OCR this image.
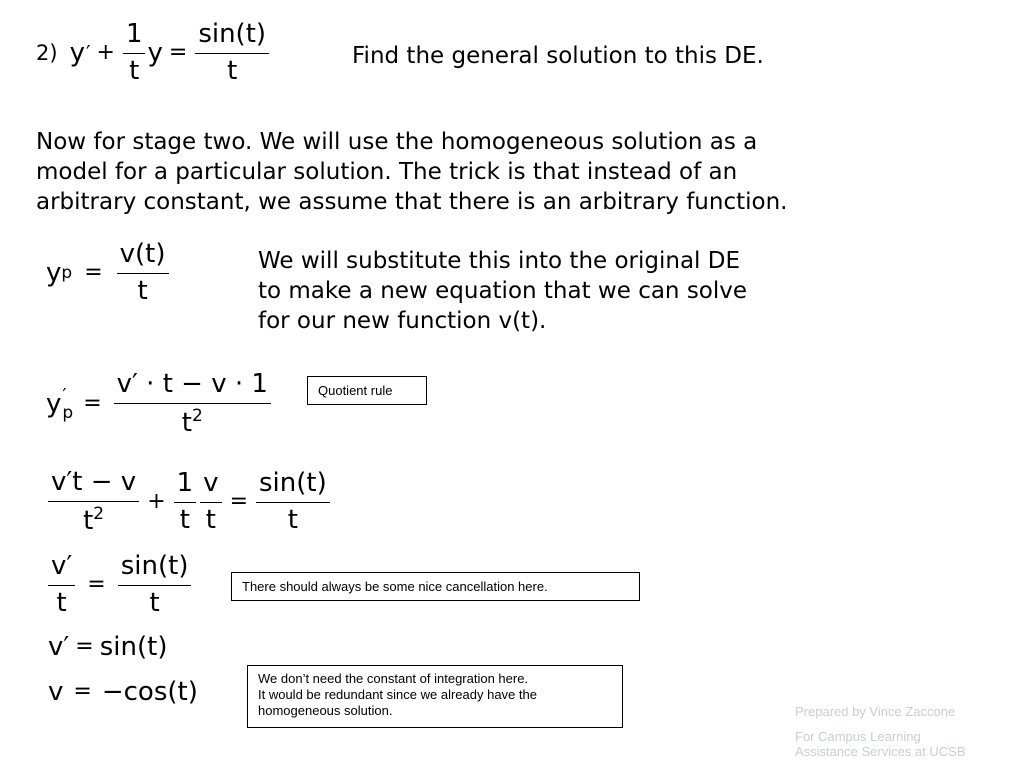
2) y ′ + $\frac{1}{t}$ $y = \frac{\sin(t)}{t}$	Find the general solution to this DE.
Now for stage two. We will use the homogeneous solution as a
model for a particular solution. The trick is that instead of an
arbitrary constant, we assume that there is an arbitrary function.
y $p = \frac{v(t)}{t}$	We will substitute this into the original DE
to make a new equation that we can solve
for our new function v(t).
y ′
$p = \frac{v' \cdot t - v \cdot 1}{t^2}$	Quotient rule
$\frac{v't - v}{t^2} + \frac{1}{t} \frac{v}{t} = \frac{\sin(t)}{t}$
$\frac{v'}{t} = \frac{\sin(t)}{t}$	There should always be some nice cancellation here.
v′ = sin(t)
v = −cos(t)	We don’t need the constant of integration here.
It would be redundant since we already have the
homogeneous solution.	Prepared by Vince Zaccone
For Campus Learning
Assistance Services at UCSB
